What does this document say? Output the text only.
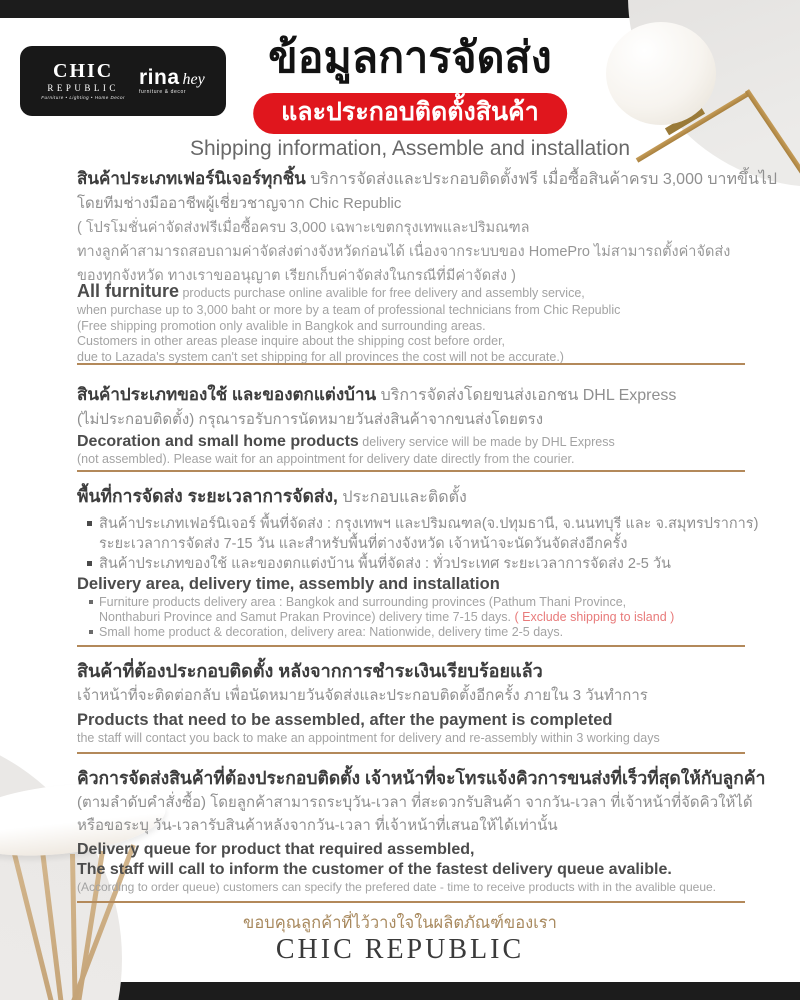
CHIC
REPUBLIC
Furniture • Lighting • Home Decor
rina hey
furniture & decor
ข้อมูลการจัดส่ง
และประกอบติดตั้งสินค้า
Shipping information, Assemble and installation
สินค้าประเภทเฟอร์นิเจอร์ทุกชิ้น บริการจัดส่งและประกอบติดตั้งฟรี เมื่อซื้อสินค้าครบ 3,000 บาทขึ้นไป
โดยทีมช่างมืออาชีพผู้เชี่ยวชาญจาก Chic Republic
( โปรโมชั่นค่าจัดส่งฟรีเมื่อซื้อครบ 3,000 เฉพาะเขตกรุงเทพและปริมณฑล
ทางลูกค้าสามารถสอบถามค่าจัดส่งต่างจังหวัดก่อนได้ เนื่องจากระบบของ HomePro ไม่สามารถตั้งค่าจัดส่ง
ของทุกจังหวัด ทางเราขออนุญาต เรียกเก็บค่าจัดส่งในกรณีที่มีค่าจัดส่ง )
All furniture products purchase online avalible for free delivery and assembly service,
when purchase up to 3,000 baht or more by a team of professional technicians from Chic Republic
(Free shipping promotion only avalible in Bangkok and surrounding areas.
Customers in other areas please inquire about the shipping cost before order,
due to Lazada's system can't set shipping for all provinces the cost will not be accurate.)
สินค้าประเภทของใช้ และของตกแต่งบ้าน บริการจัดส่งโดยขนส่งเอกชน DHL Express
(ไม่ประกอบติดตั้ง) กรุณารอรับการนัดหมายวันส่งสินค้าจากขนส่งโดยตรง
Decoration and small home products delivery service will be made by DHL Express
(not assembled). Please wait for an appointment for delivery date directly from the courier.
พื้นที่การจัดส่ง ระยะเวลาการจัดส่ง, ประกอบและติดตั้ง
สินค้าประเภทเฟอร์นิเจอร์ พื้นที่จัดส่ง : กรุงเทพฯ และปริมณฑล(จ.ปทุมธานี, จ.นนทบุรี และ จ.สมุทรปราการ)
ระยะเวลาการจัดส่ง 7-15 วัน และสำหรับพื้นที่ต่างจังหวัด เจ้าหน้าจะนัดวันจัดส่งอีกครั้ง
สินค้าประเภทของใช้ และของตกแต่งบ้าน พื้นที่จัดส่ง : ทั่วประเทศ ระยะเวลาการจัดส่ง 2-5 วัน
Delivery area, delivery time, assembly and installation
Furniture products delivery area : Bangkok and surrounding provinces (Pathum Thani Province,
Nonthaburi Province and Samut Prakan Province) delivery time 7-15 days. ( Exclude shipping to island )
Small home product & decoration, delivery area: Nationwide, delivery time 2-5 days.
สินค้าที่ต้องประกอบติดตั้ง หลังจากการชำระเงินเรียบร้อยแล้ว
เจ้าหน้าที่จะติดต่อกลับ เพื่อนัดหมายวันจัดส่งและประกอบติดตั้งอีกครั้ง ภายใน 3 วันทำการ
Products that need to be assembled, after the payment is completed
the staff will contact you back to make an appointment for delivery and re-assembly within 3 working days
คิวการจัดส่งสินค้าที่ต้องประกอบติดตั้ง เจ้าหน้าที่จะโทรแจ้งคิวการขนส่งที่เร็วที่สุดให้กับลูกค้า
(ตามลำดับคำสั่งซื้อ) โดยลูกค้าสามารถระบุวัน-เวลา ที่สะดวกรับสินค้า จากวัน-เวลา ที่เจ้าหน้าที่จัดคิวให้ได้
หรือขอระบุ วัน-เวลารับสินค้าหลังจากวัน-เวลา ที่เจ้าหน้าที่เสนอให้ได้เท่านั้น
Delivery queue for product that required assembled,
The staff will call to inform the customer of the fastest delivery queue avalible.
(According to order queue) customers can specify the prefered date - time to receive products with in the avalible queue.
ขอบคุณลูกค้าที่ไว้วางใจในผลิตภัณฑ์ของเรา
CHIC REPUBLIC
